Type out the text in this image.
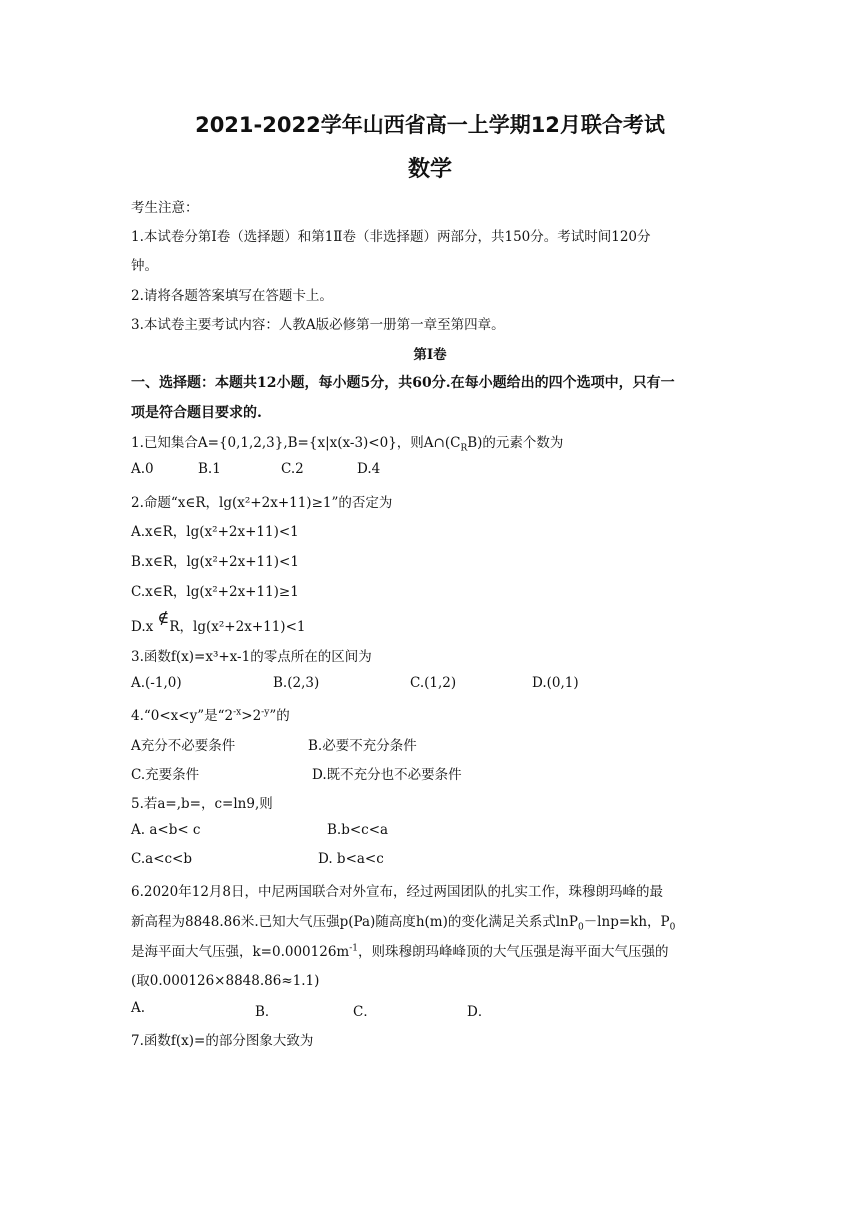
2021-2022学年山西省高一上学期12月联合考试
数学
考生注意：
1.本试卷分第Ⅰ卷（选择题）和第1Ⅱ卷（非选择题）两部分，共150分。考试时间120分
钟。
2.请将各题答案填写在答题卡上。
3.本试卷主要考试内容：人教A版必修第一册第一章至第四章。
第Ⅰ卷
一、选择题：本题共12小题，每小题5分，共60分.在每小题给出的四个选项中，只有一
项是符合题目要求的.
1.已知集合A={0,1,2,3},B={x|x(x-3)<0}，则$A\cap(C_RB)$的元素个数为
A.0	B.1	C.2	D.4
2.命题“x∈R，lg(x²+2x+11)≥1”的否定为
A.x∈R，lg(x²+2x+11)<1
B.x∈R，lg(x²+2x+11)<1
C.x∈R，lg(x²+2x+11)≥1
D.x ∉R，lg(x²+2x+11)<1
3.函数f(x)=x³+x-1的零点所在的区间为
A.(-1,0)	B.(2,3)	C.(1,2)	D.(0,1)
4.“0<x<y”是“$2^{-x}>2^{-y}$”的
A充分不必要条件	B.必要不充分条件
C.充要条件	D.既不充分也不必要条件
5.若a=,b=，c=ln9,则
A. a<b< c	B.b<c<a
C.a<c<b	D. b<a<c
6.2020年12月8日，中尼两国联合对外宣布，经过两国团队的扎实工作，珠穆朗玛峰的最
新高程为8848.86米.已知大气压强p(Pa)随高度h(m)的变化满足关系式lnP$_0$－lnp=kh，$P_0$
是海平面大气压强，$k=0.000126m^{-1}$，则珠穆朗玛峰峰顶的大气压强是海平面大气压强的
(取0.000126×8848.86≈1.1)
A.	B．	C．	D．
7.函数f(x)=的部分图象大致为
